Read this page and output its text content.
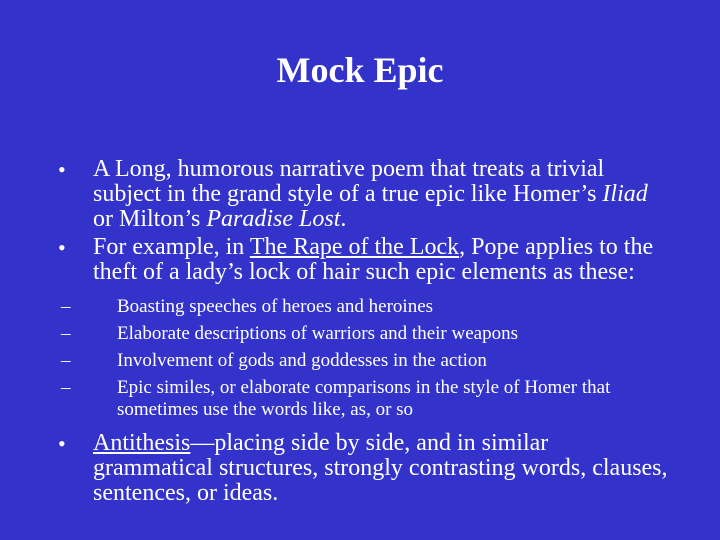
Mock Epic
•	A Long, humorous narrative poem that treats a trivial subject in the grand style of a true epic like Homer’s Iliad or Milton’s Paradise Lost.
•	For example, in The Rape of the Lock, Pope applies to the theft of a lady’s lock of hair such epic elements as these:
–	Boasting speeches of heroes and heroines
–	Elaborate descriptions of warriors and their weapons
–	Involvement of gods and goddesses in the action
–	Epic similes, or elaborate comparisons in the style of Homer that sometimes use the words like, as, or so
•	Antithesis—placing side by side, and in similar grammatical structures, strongly contrasting words, clauses, sentences, or ideas.
